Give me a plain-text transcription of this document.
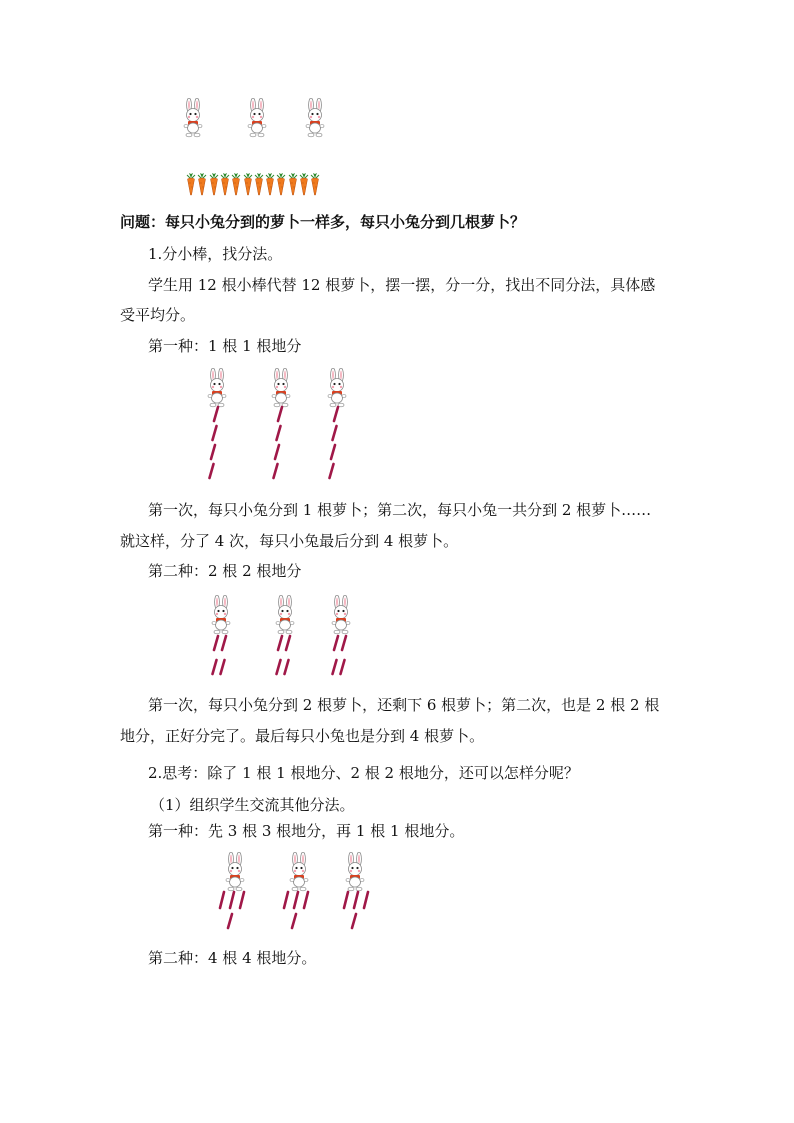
问题：每只小兔分到的萝卜一样多，每只小兔分到几根萝卜？
1.分小棒，找分法。
学生用 12 根小棒代替 12 根萝卜，摆一摆，分一分，找出不同分法，具体感
受平均分。
第一种：1 根 1 根地分
第一次，每只小兔分到 1 根萝卜；第二次，每只小兔一共分到 2 根萝卜……
就这样，分了 4 次，每只小兔最后分到 4 根萝卜。
第二种：2 根 2 根地分
第一次，每只小兔分到 2 根萝卜，还剩下 6 根萝卜；第二次，也是 2 根 2 根
地分，正好分完了。最后每只小兔也是分到 4 根萝卜。
2.思考：除了 1 根 1 根地分、2 根 2 根地分，还可以怎样分呢？
（1）组织学生交流其他分法。
第一种：先 3 根 3 根地分，再 1 根 1 根地分。
第二种：4 根 4 根地分。
